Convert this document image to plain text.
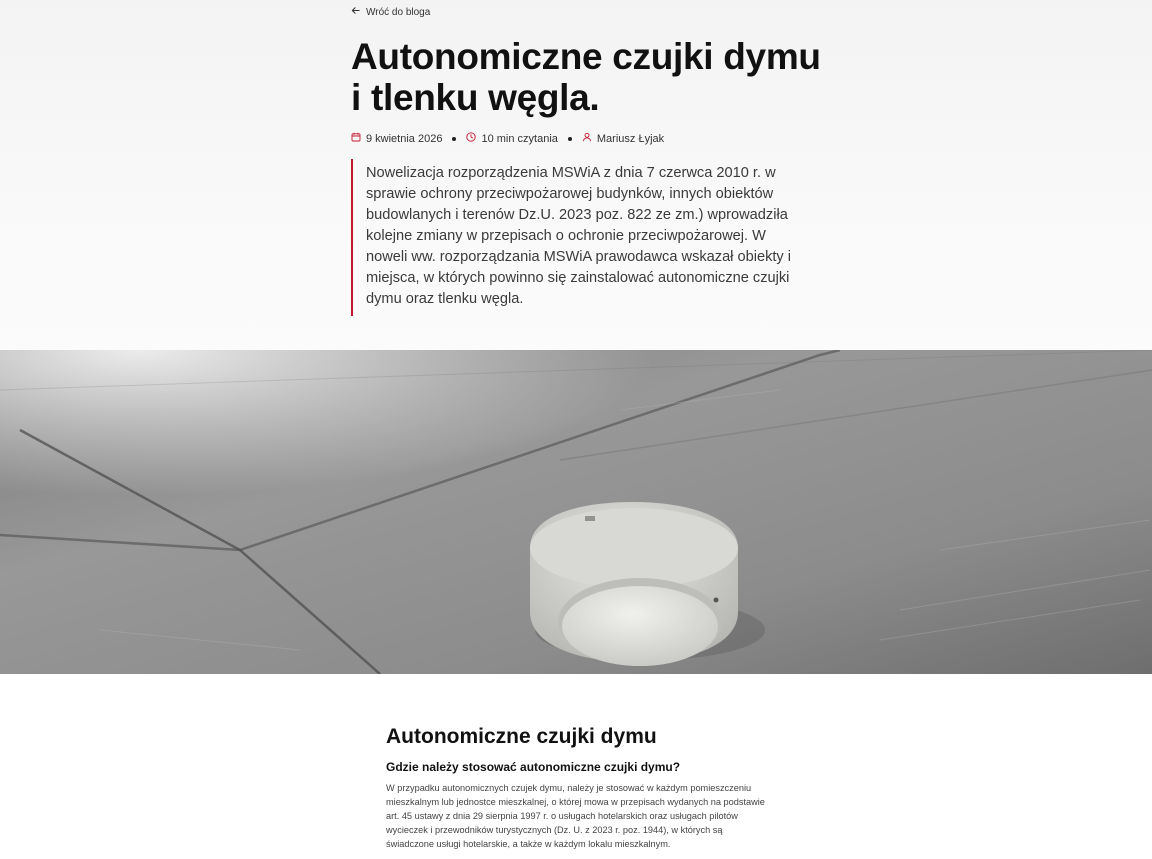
Wróć do bloga
Autonomiczne czujki dymu i tlenku węgla.
9 kwietnia 2026	10 min czytania	Mariusz Łyjak
Nowelizacja rozporządzenia MSWiA z dnia 7 czerwca 2010 r. w sprawie ochrony przeciwpożarowej budynków, innych obiektów budowlanych i terenów Dz.U. 2023 poz. 822 ze zm.) wprowadziła kolejne zmiany w przepisach o ochronie przeciwpożarowej. W noweli ww. rozporządzania MSWiA prawodawca wskazał obiekty i miejsca, w których powinno się zainstalować autonomiczne czujki dymu oraz tlenku węgla.
Autonomiczne czujki dymu
Gdzie należy stosować autonomiczne czujki dymu?

W przypadku autonomicznych czujek dymu, należy je stosować w każdym pomieszczeniu mieszkalnym lub jednostce mieszkalnej, o której mowa w przepisach wydanych na podstawie art. 45 ustawy z dnia 29 sierpnia 1997 r. o usługach hotelarskich oraz usługach pilotów wycieczek i przewodników turystycznych (Dz. U. z 2023 r. poz. 1944), w których są świadczone usługi hotelarskie, a także w każdym lokalu mieszkalnym.
